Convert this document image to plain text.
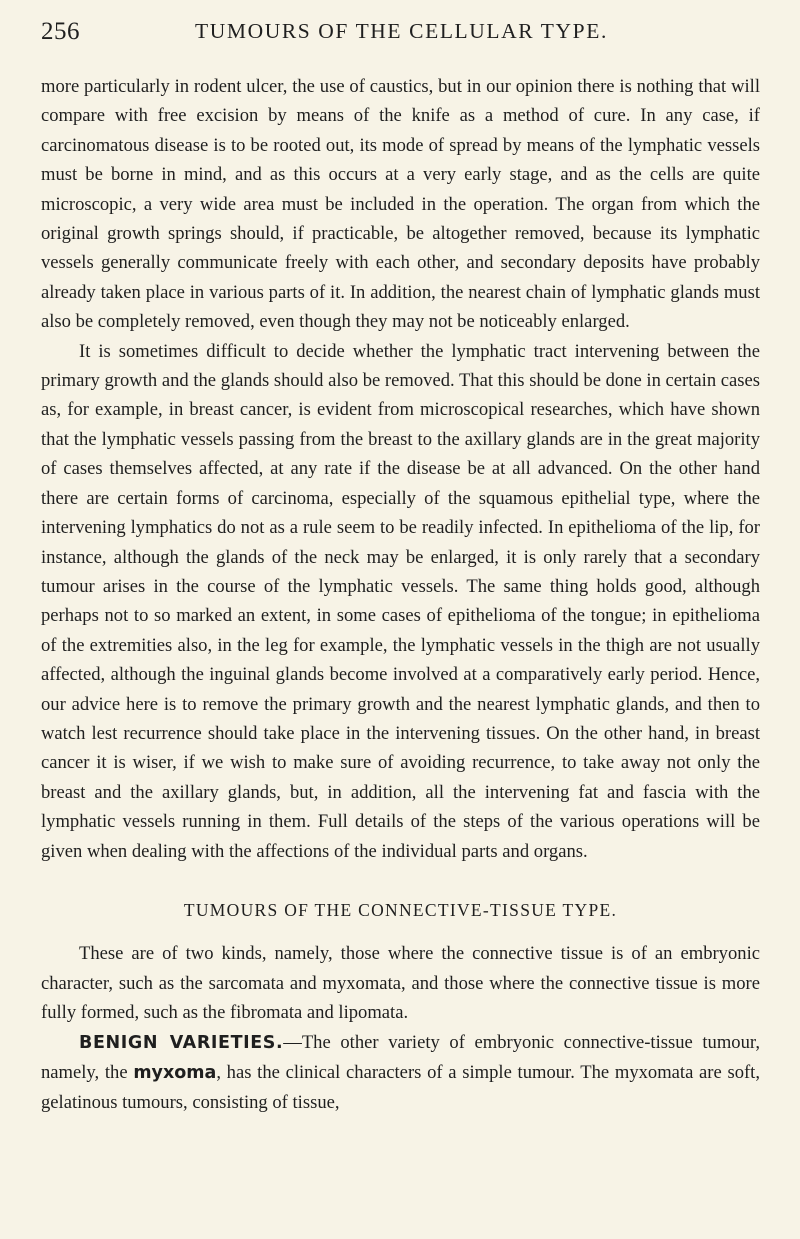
256	TUMOURS OF THE CELLULAR TYPE.

more particularly in rodent ulcer, the use of caustics, but in our opinion there is nothing that will compare with free excision by means of the knife as a method of cure. In any case, if carcinomatous disease is to be rooted out, its mode of spread by means of the lymphatic vessels must be borne in mind, and as this occurs at a very early stage, and as the cells are quite microscopic, a very wide area must be included in the operation. The organ from which the original growth springs should, if practicable, be altogether removed, because its lymphatic vessels generally communicate freely with each other, and secondary deposits have probably already taken place in various parts of it. In addition, the nearest chain of lymphatic glands must also be completely removed, even though they may not be noticeably enlarged.

It is sometimes difficult to decide whether the lymphatic tract intervening between the primary growth and the glands should also be removed. That this should be done in certain cases as, for example, in breast cancer, is evident from microscopical researches, which have shown that the lymphatic vessels passing from the breast to the axillary glands are in the great majority of cases themselves affected, at any rate if the disease be at all advanced. On the other hand there are certain forms of carcinoma, especially of the squamous epithelial type, where the intervening lymphatics do not as a rule seem to be readily infected. In epithelioma of the lip, for instance, although the glands of the neck may be enlarged, it is only rarely that a secondary tumour arises in the course of the lymphatic vessels. The same thing holds good, although perhaps not to so marked an extent, in some cases of epithelioma of the tongue; in epithelioma of the extremities also, in the leg for example, the lymphatic vessels in the thigh are not usually affected, although the inguinal glands become involved at a comparatively early period. Hence, our advice here is to remove the primary growth and the nearest lymphatic glands, and then to watch lest recurrence should take place in the intervening tissues. On the other hand, in breast cancer it is wiser, if we wish to make sure of avoiding recurrence, to take away not only the breast and the axillary glands, but, in addition, all the intervening fat and fascia with the lymphatic vessels running in them. Full details of the steps of the various operations will be given when dealing with the affections of the individual parts and organs.

TUMOURS OF THE CONNECTIVE-TISSUE TYPE.

These are of two kinds, namely, those where the connective tissue is of an embryonic character, such as the sarcomata and myxomata, and those where the connective tissue is more fully formed, such as the fibromata and lipomata.

BENIGN VARIETIES.—The other variety of embryonic connective-tissue tumour, namely, the myxoma, has the clinical characters of a simple tumour. The myxomata are soft, gelatinous tumours, consisting of tissue,
